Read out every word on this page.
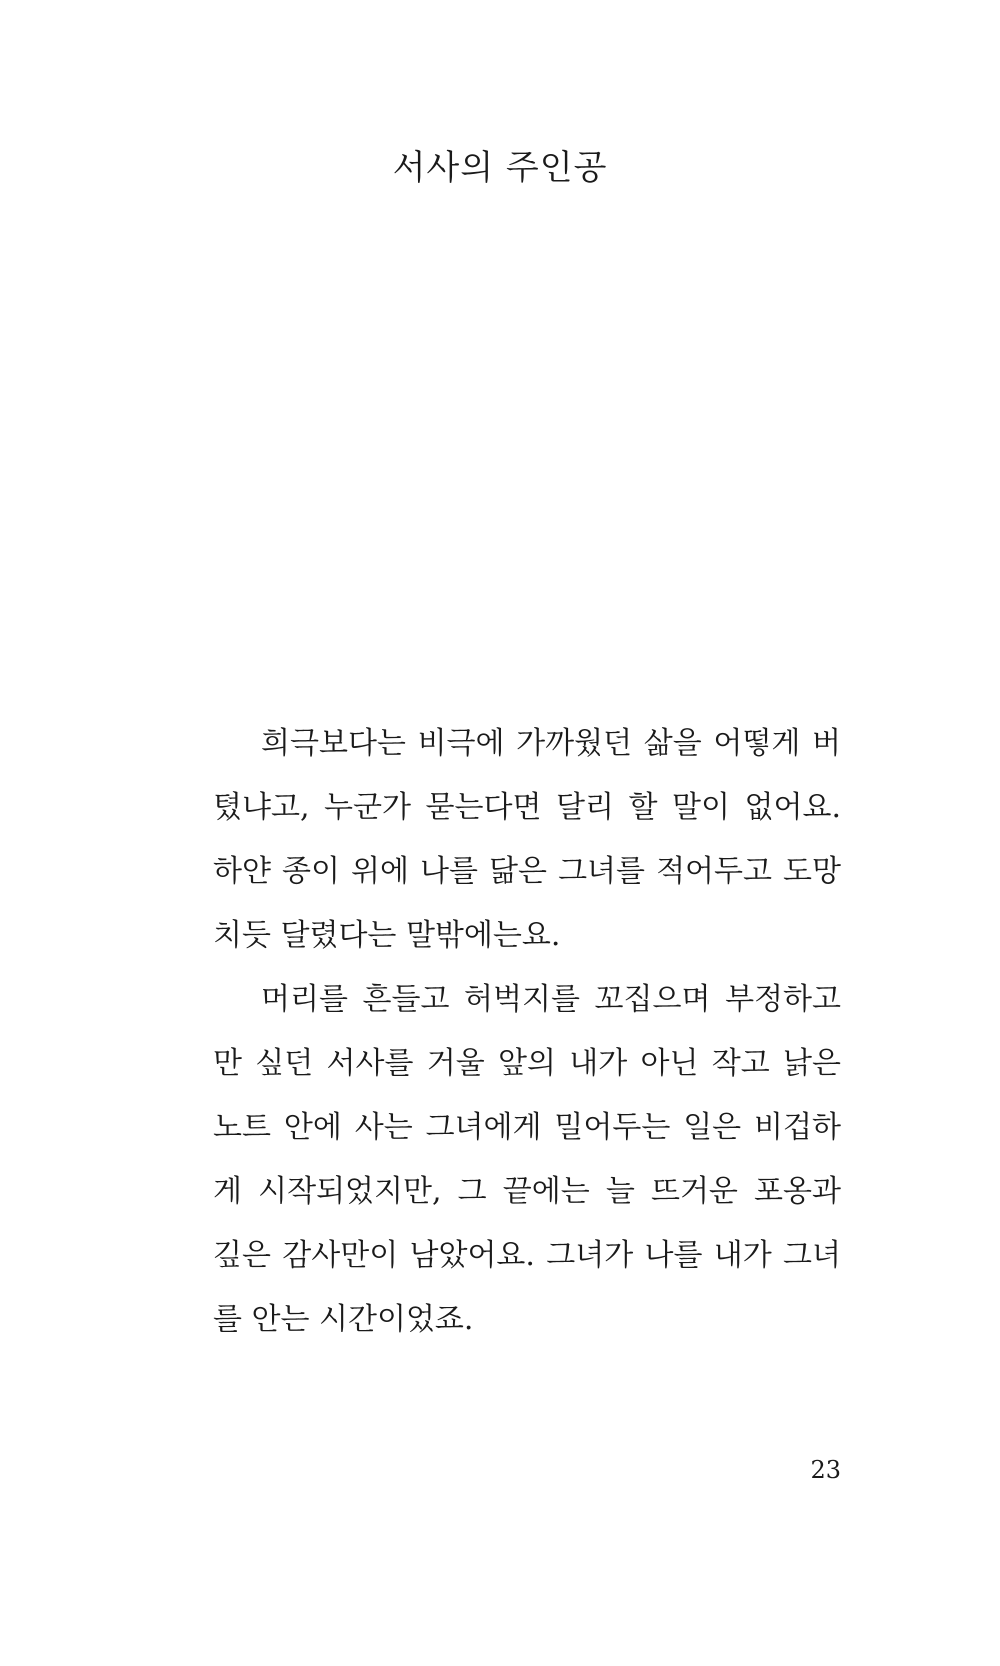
서사의 주인공
희극보다는 비극에 가까웠던 삶을 어떻게 버
텼냐고, 누군가 묻는다면 달리 할 말이 없어요.
하얀 종이 위에 나를 닮은 그녀를 적어두고 도망
치듯 달렸다는 말밖에는요.
머리를 흔들고 허벅지를 꼬집으며 부정하고
만 싶던 서사를 거울 앞의 내가 아닌 작고 낡은
노트 안에 사는 그녀에게 밀어두는 일은 비겁하
게 시작되었지만, 그 끝에는 늘 뜨거운 포옹과
깊은 감사만이 남았어요. 그녀가 나를 내가 그녀
를 안는 시간이었죠.
23
